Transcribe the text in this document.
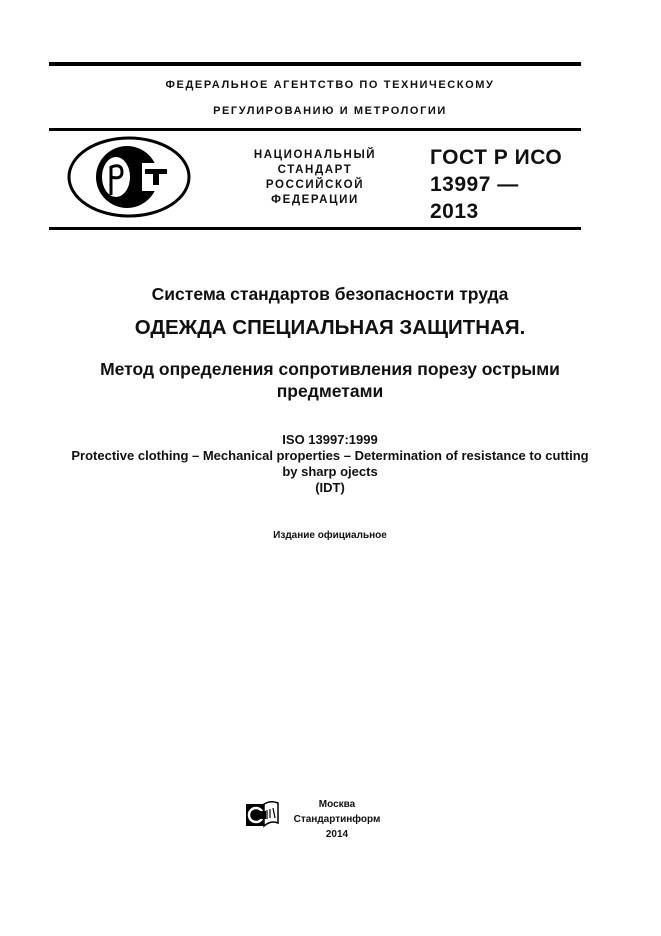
ФЕДЕРАЛЬНОЕ АГЕНТСТВО ПО ТЕХНИЧЕСКОМУ
РЕГУЛИРОВАНИЮ И МЕТРОЛОГИИ
НАЦИОНАЛЬНЫЙ
СТАНДАРТ
РОССИЙСКОЙ
ФЕДЕРАЦИИ
ГОСТ Р ИСО
13997 —
2013
Система стандартов безопасности труда
ОДЕЖДА СПЕЦИАЛЬНАЯ ЗАЩИТНАЯ.
Метод определения сопротивления порезу острыми
предметами
ISO 13997:1999
Protective clothing – Mechanical properties – Determination of resistance to cutting
by sharp ojects
(IDT)
Издание официальное
Москва
Стандартинформ
2014
